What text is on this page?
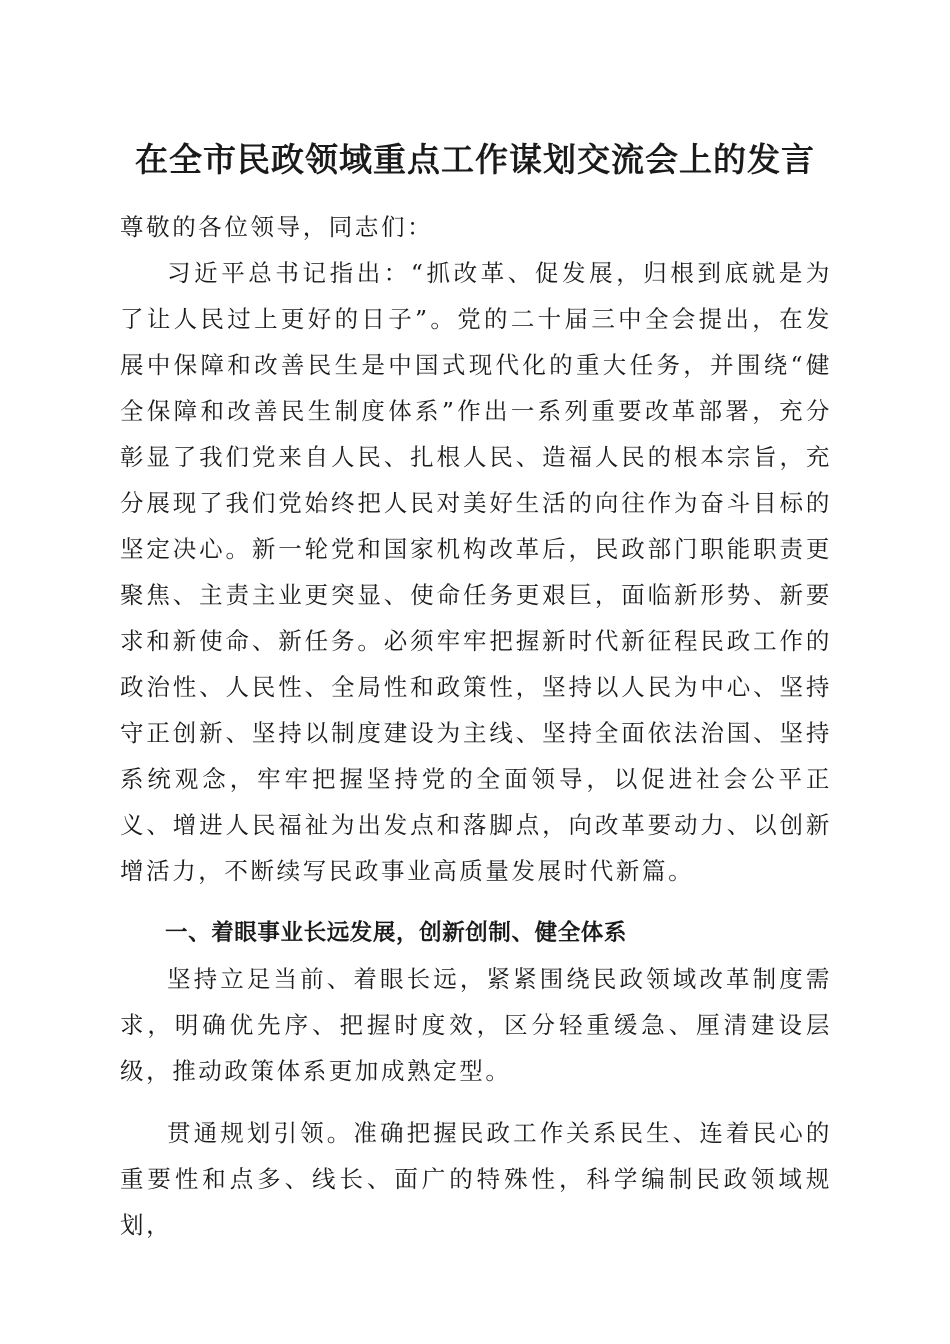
在全市民政领域重点工作谋划交流会上的发言

尊敬的各位领导，同志们：

习近平总书记指出：“抓改革、促发展，归根到底就是为了让人民过上更好的日子”。党的二十届三中全会提出，在发展中保障和改善民生是中国式现代化的重大任务，并围绕“健全保障和改善民生制度体系”作出一系列重要改革部署，充分彰显了我们党来自人民、扎根人民、造福人民的根本宗旨，充分展现了我们党始终把人民对美好生活的向往作为奋斗目标的坚定决心。新一轮党和国家机构改革后，民政部门职能职责更聚焦、主责主业更突显、使命任务更艰巨，面临新形势、新要求和新使命、新任务。必须牢牢把握新时代新征程民政工作的政治性、人民性、全局性和政策性，坚持以人民为中心、坚持守正创新、坚持以制度建设为主线、坚持全面依法治国、坚持系统观念，牢牢把握坚持党的全面领导，以促进社会公平正义、增进人民福祉为出发点和落脚点，向改革要动力、以创新增活力，不断续写民政事业高质量发展时代新篇。

一、着眼事业长远发展，创新创制、健全体系

坚持立足当前、着眼长远，紧紧围绕民政领域改革制度需求，明确优先序、把握时度效，区分轻重缓急、厘清建设层级，推动政策体系更加成熟定型。

贯通规划引领。准确把握民政工作关系民生、连着民心的重要性和点多、线长、面广的特殊性，科学编制民政领域规划，
